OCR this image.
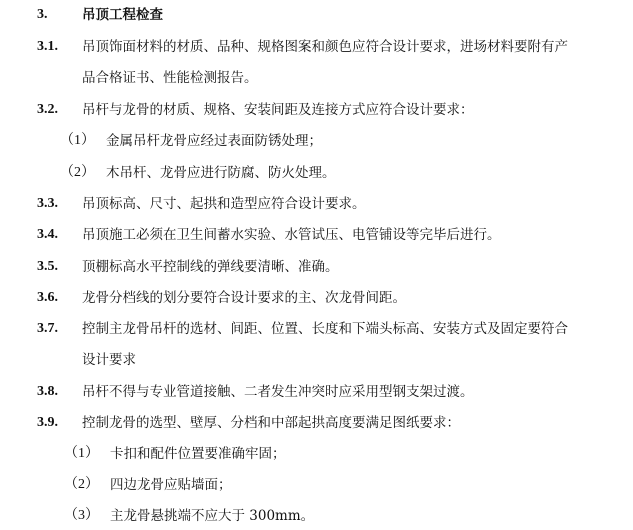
3.	吊顶工程检查
3.1. 吊顶饰面材料的材质、品种、规格图案和颜色应符合设计要求，进场材料要附有产
品合格证书、性能检测报告。
3.2. 吊杆与龙骨的材质、规格、安装间距及连接方式应符合设计要求：
（1） 金属吊杆龙骨应经过表面防锈处理；
（2） 木吊杆、龙骨应进行防腐、防火处理。
3.3. 吊顶标高、尺寸、起拱和造型应符合设计要求。
3.4. 吊顶施工必须在卫生间蓄水实验、水管试压、电管铺设等完毕后进行。
3.5. 顶棚标高水平控制线的弹线要清晰、准确。
3.6. 龙骨分档线的划分要符合设计要求的主、次龙骨间距。
3.7. 控制主龙骨吊杆的选材、间距、位置、长度和下端头标高、安装方式及固定要符合
设计要求
3.8. 吊杆不得与专业管道接触、二者发生冲突时应采用型钢支架过渡。
3.9. 控制龙骨的选型、壁厚、分档和中部起拱高度要满足图纸要求：
（1） 卡扣和配件位置要准确牢固；
（2） 四边龙骨应贴墙面；
（3） 主龙骨悬挑端不应大于 300mm。
